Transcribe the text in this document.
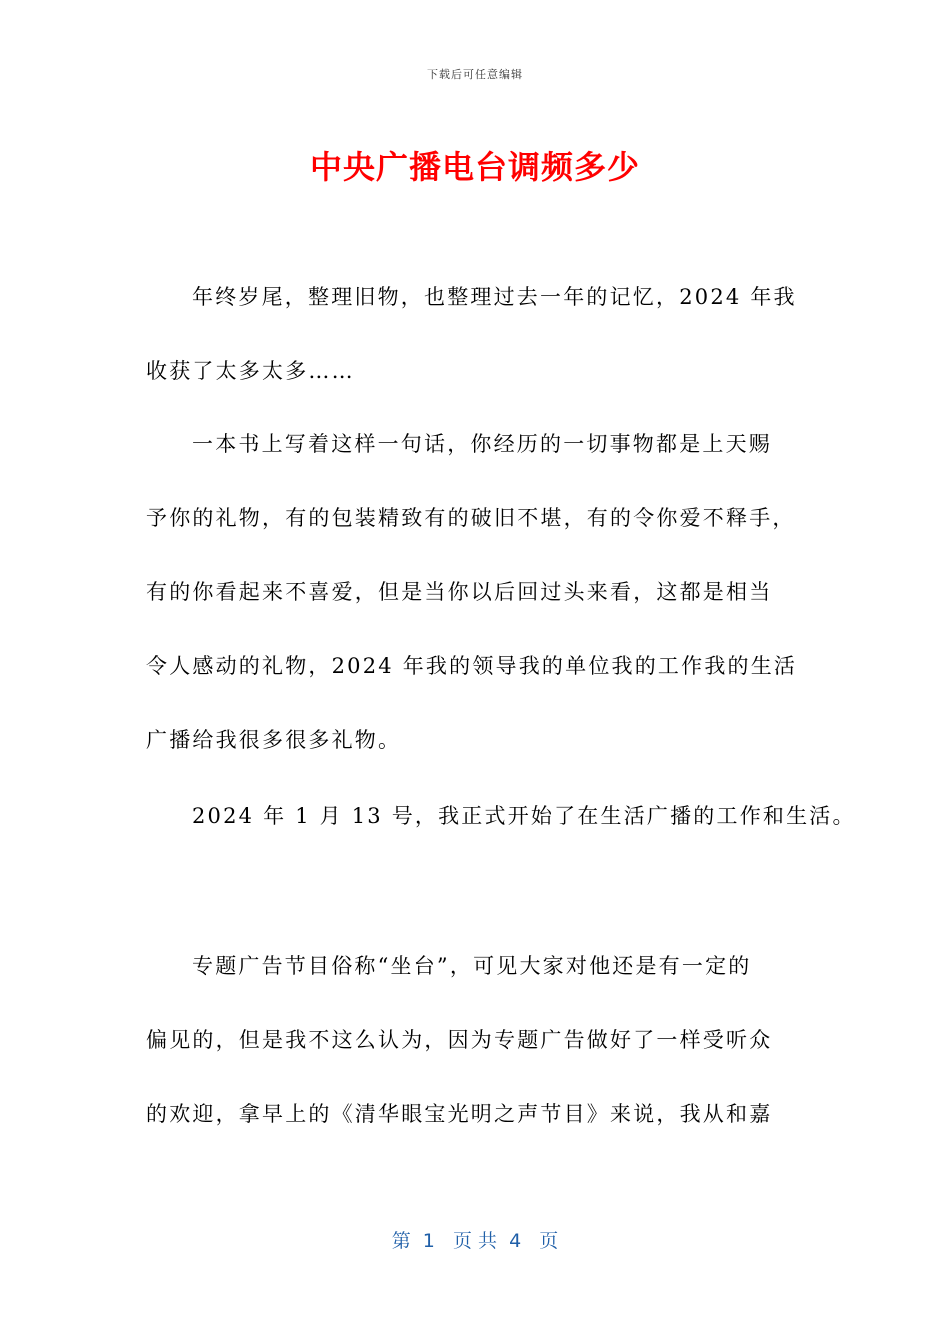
下载后可任意编辑
中央广播电台调频多少
年终岁尾，整理旧物，也整理过去一年的记忆，2024 年我
收获了太多太多……
一本书上写着这样一句话，你经历的一切事物都是上天赐
予你的礼物，有的包装精致有的破旧不堪，有的令你爱不释手，
有的你看起来不喜爱，但是当你以后回过头来看，这都是相当
令人感动的礼物，2024 年我的领导我的单位我的工作我的生活
广播给我很多很多礼物。
2024 年 1 月 13 号，我正式开始了在生活广播的工作和生活。
专题广告节目俗称“坐台”，可见大家对他还是有一定的
偏见的，但是我不这么认为，因为专题广告做好了一样受听众
的欢迎，拿早上的《清华眼宝光明之声节目》来说，我从和嘉
第  1   页 共  4   页
